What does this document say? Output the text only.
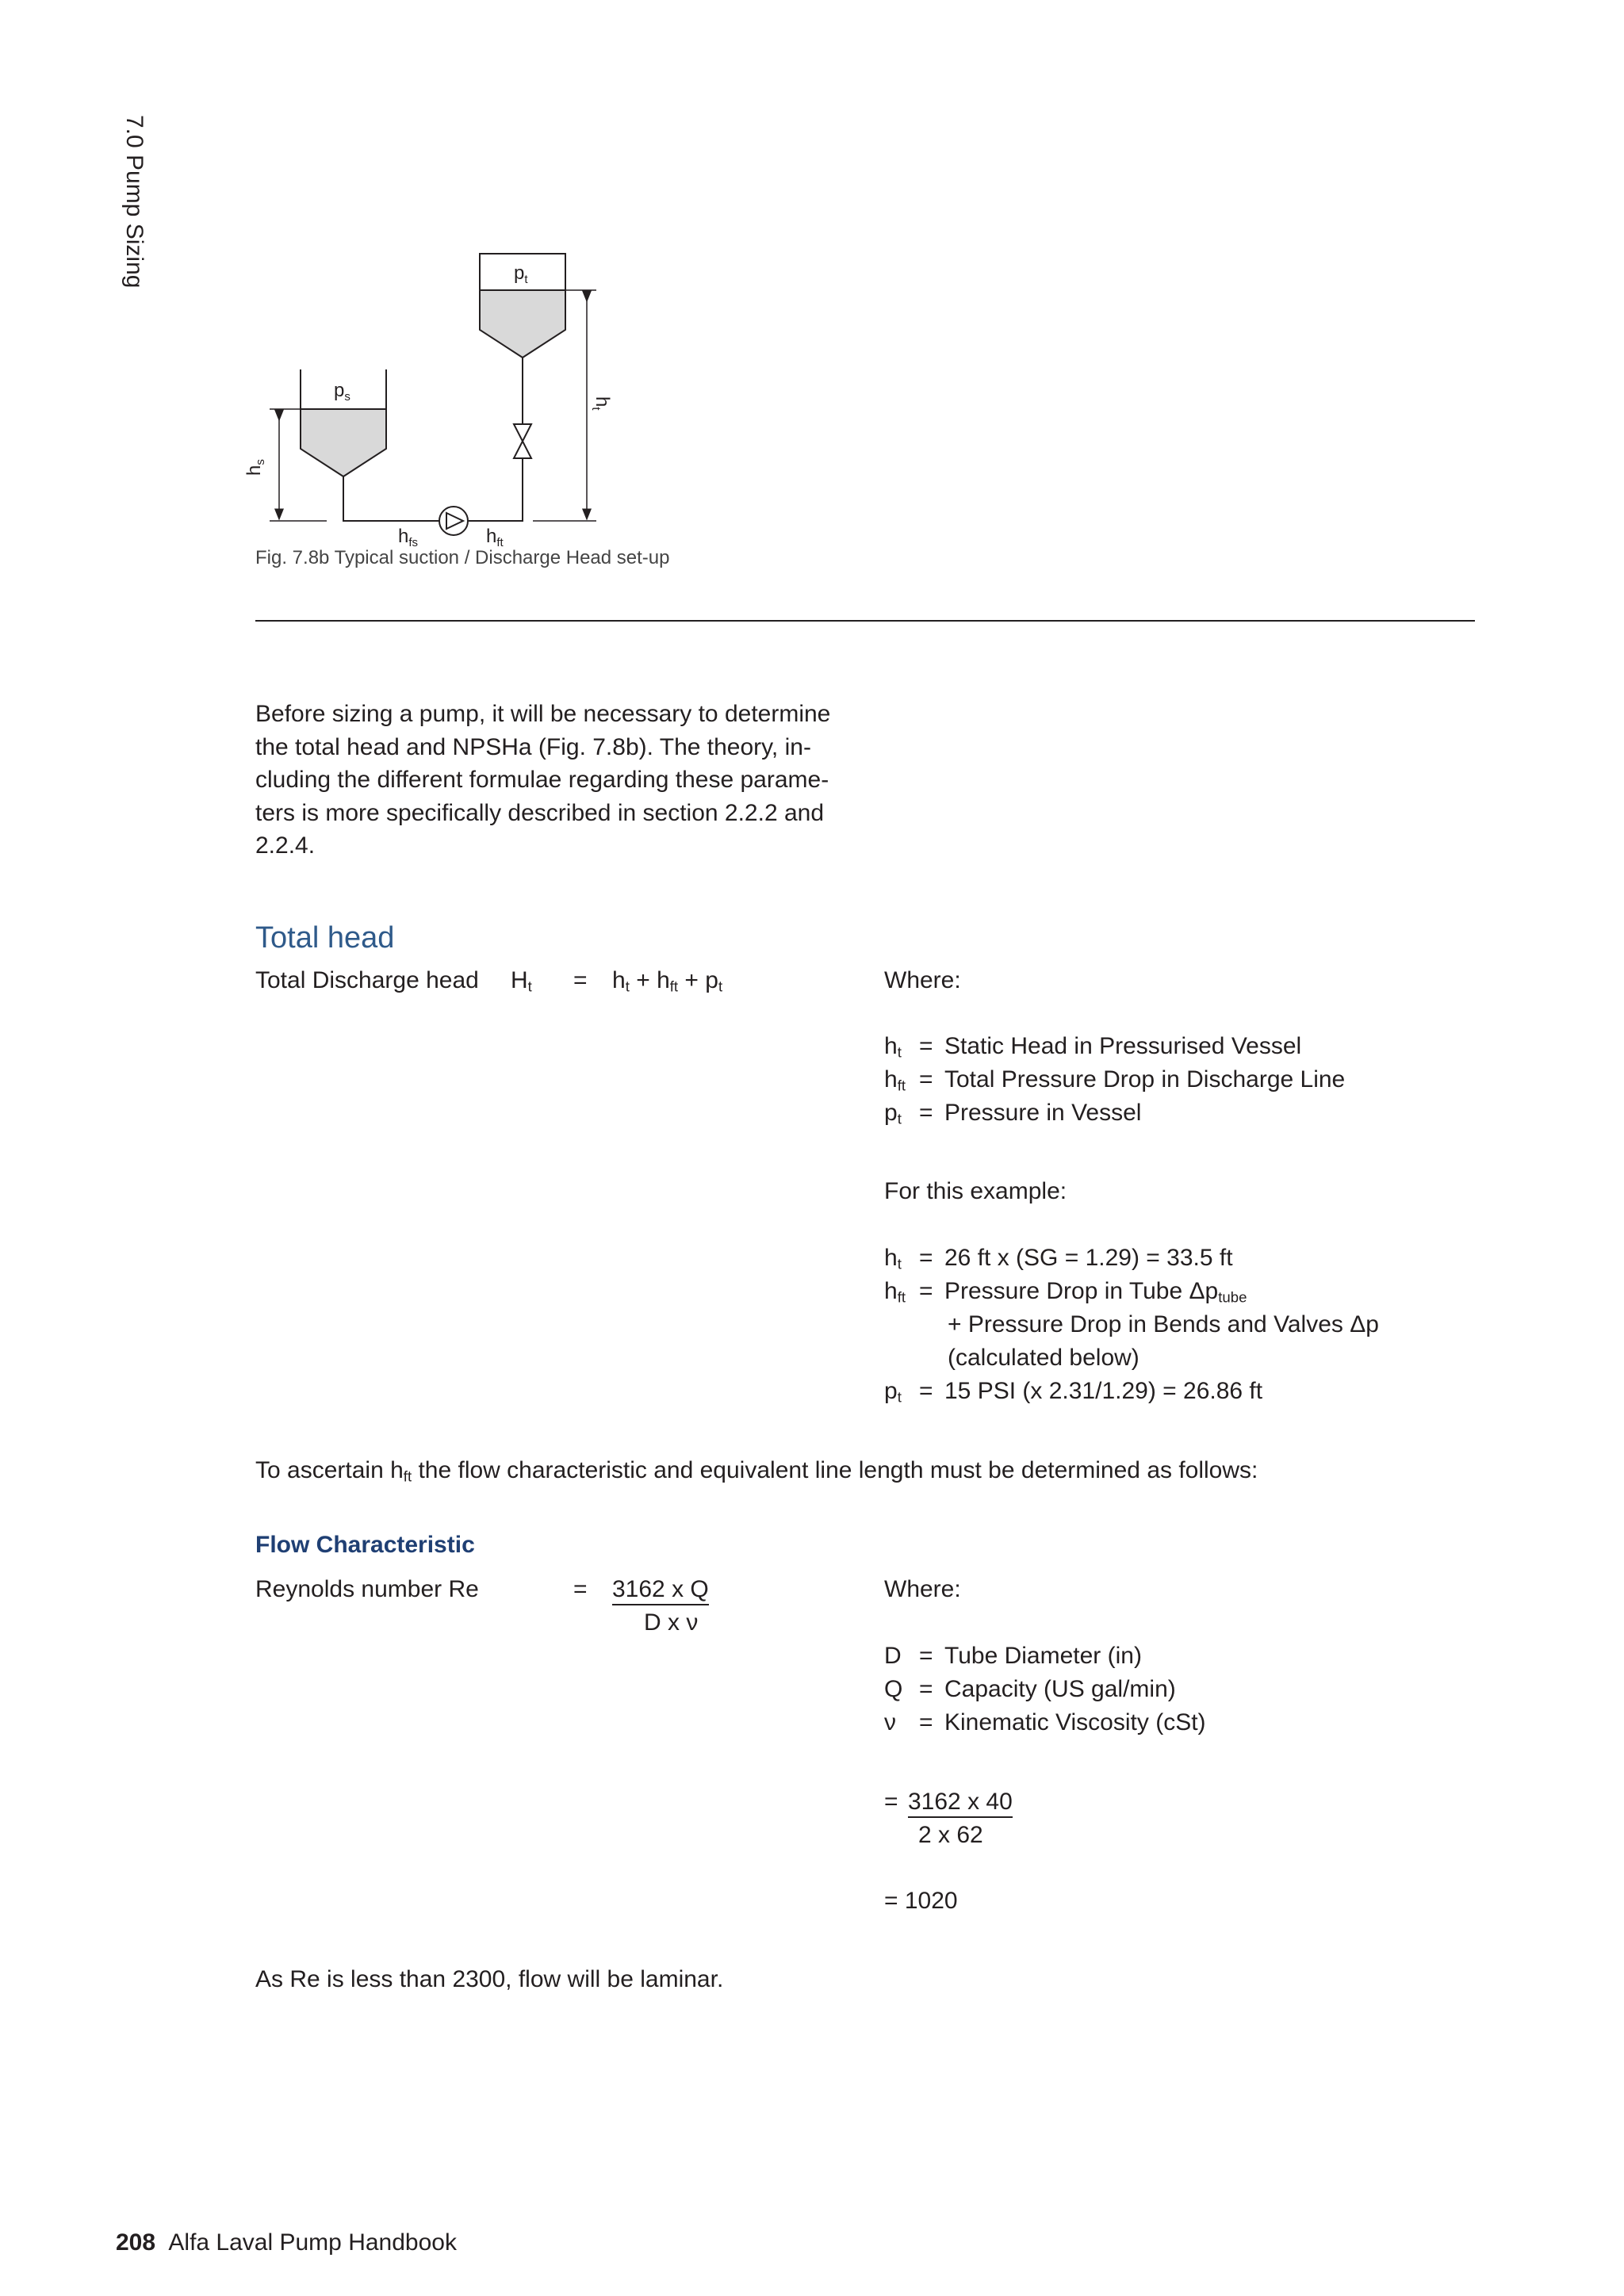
7.0 Pump Sizing	$p_t$
$p_s$
$h_{fs}$	$h_{ft}$
$h_s$
$h_t$
Fig. 7.8b Typical suction / Discharge Head set-up
Before sizing a pump, it will be necessary to determine
the total head and NPSHa (Fig. 7.8b). The theory, in-
cluding the different formulae regarding these parame-
ters is more specifically described in section 2.2.2 and
2.2.4.
Total head
Total Discharge head $H_t = h_t + h_{ft} + p_t$	Where:
$h_t$ = Static Head in Pressurised Vessel
$h_{ft}$ = Total Pressure Drop in Discharge Line
$p_t$ = Pressure in Vessel
For this example:
$h_t = 26$ ft x (SG = 1.29) = 33.5 ft
$h_{ft}$ = Pressure Drop in Tube $\Delta p_{tube}$
+ Pressure Drop in Bends and Valves Δp
(calculated below)
$p_t = 15$ PSI (x 2.31/1.29) = 26.86 ft
To ascertain $h_{ft}$ the flow characteristic and equivalent line length must be determined as follows:
Flow Characteristic
Reynolds number Re	= 3162 x Q
D x ν
Where:
D = Tube Diameter (in)
Q = Capacity (US gal/min)
ν = Kinematic Viscosity (cSt)
= 3162 x 40
2 x 62
= 1020
As Re is less than 2300, flow will be laminar.
208 Alfa Laval Pump Handbook
